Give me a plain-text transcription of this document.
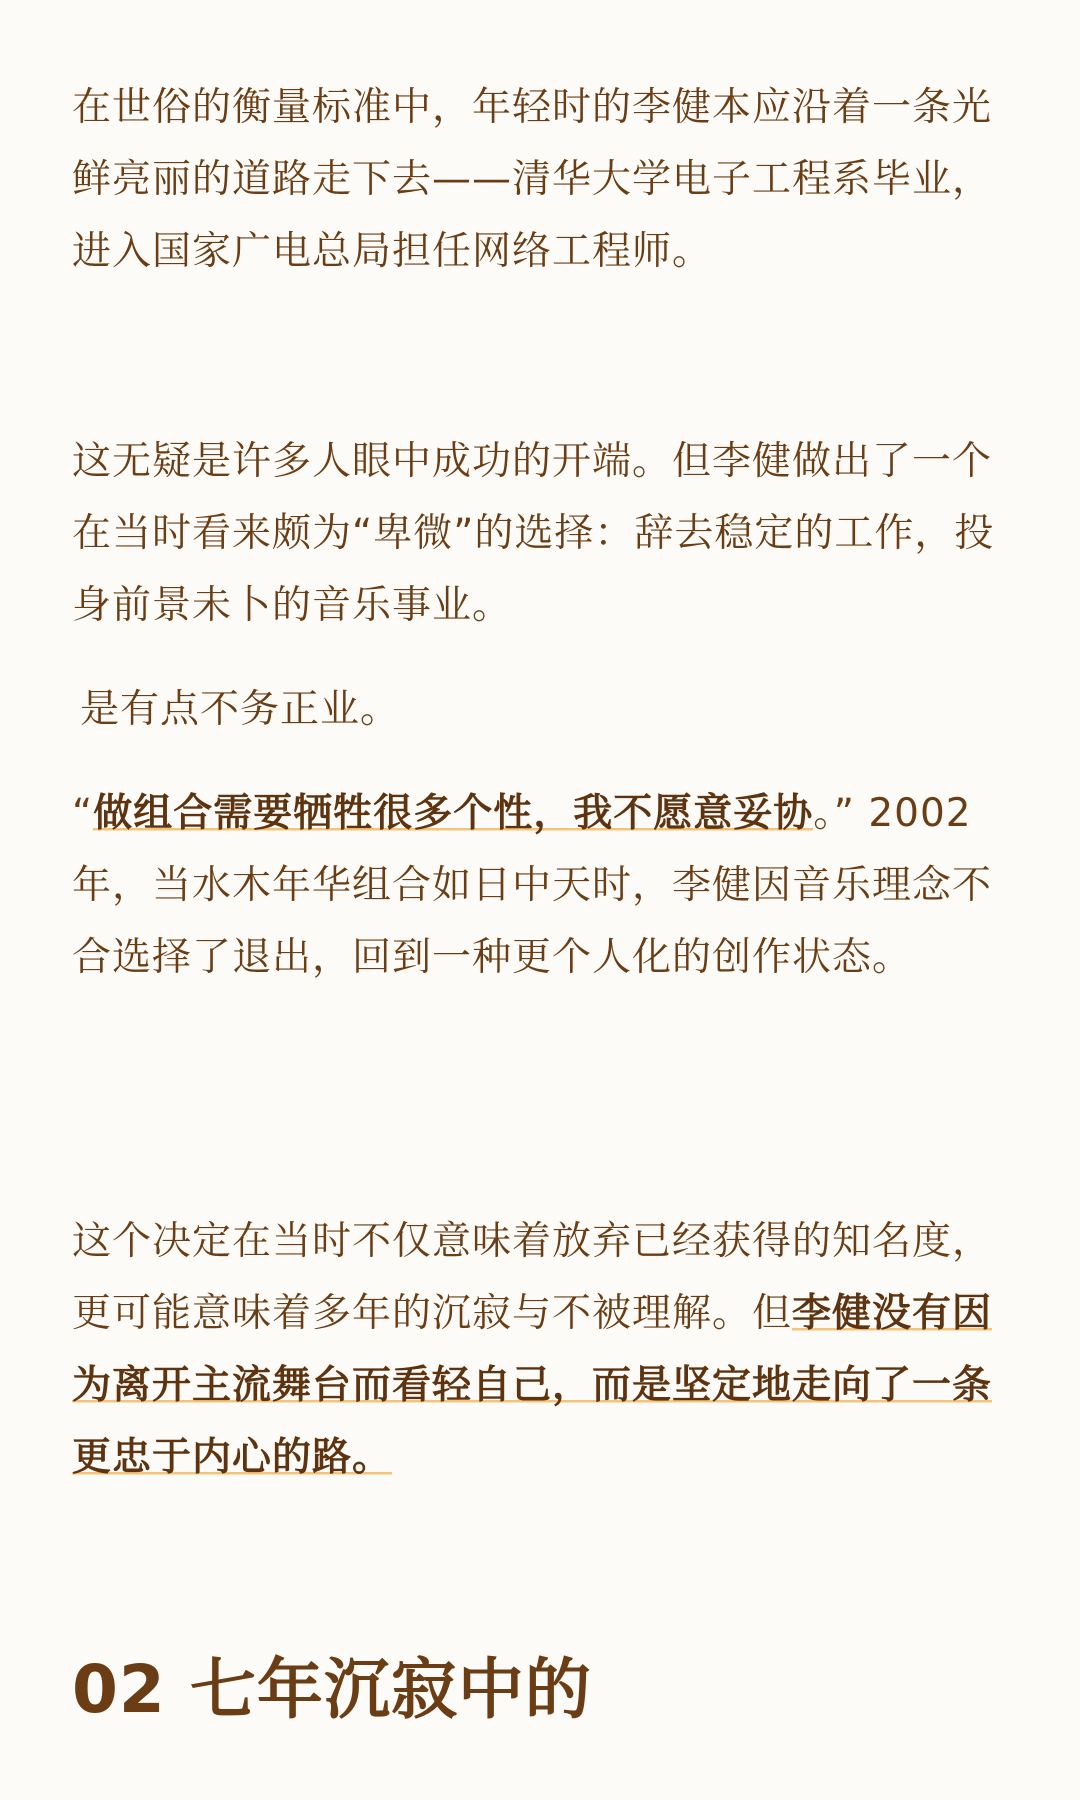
在世俗的衡量标准中，年轻时的李健本应沿着一条光鲜亮丽的道路走下去——清华大学电子工程系毕业，进入国家广电总局担任网络工程师。

这无疑是许多人眼中成功的开端。但李健做出了一个在当时看来颇为“卑微”的选择：辞去稳定的工作，投身前景未卜的音乐事业。

是有点不务正业。

“做组合需要牺牲很多个性，我不愿意妥协。” 2002年，当水木年华组合如日中天时，李健因音乐理念不合选择了退出，回到一种更个人化的创作状态。

这个决定在当时不仅意味着放弃已经获得的知名度，更可能意味着多年的沉寂与不被理解。但李健没有因为离开主流舞台而看轻自己，而是坚定地走向了一条更忠于内心的路。

02 七年沉寂中的
